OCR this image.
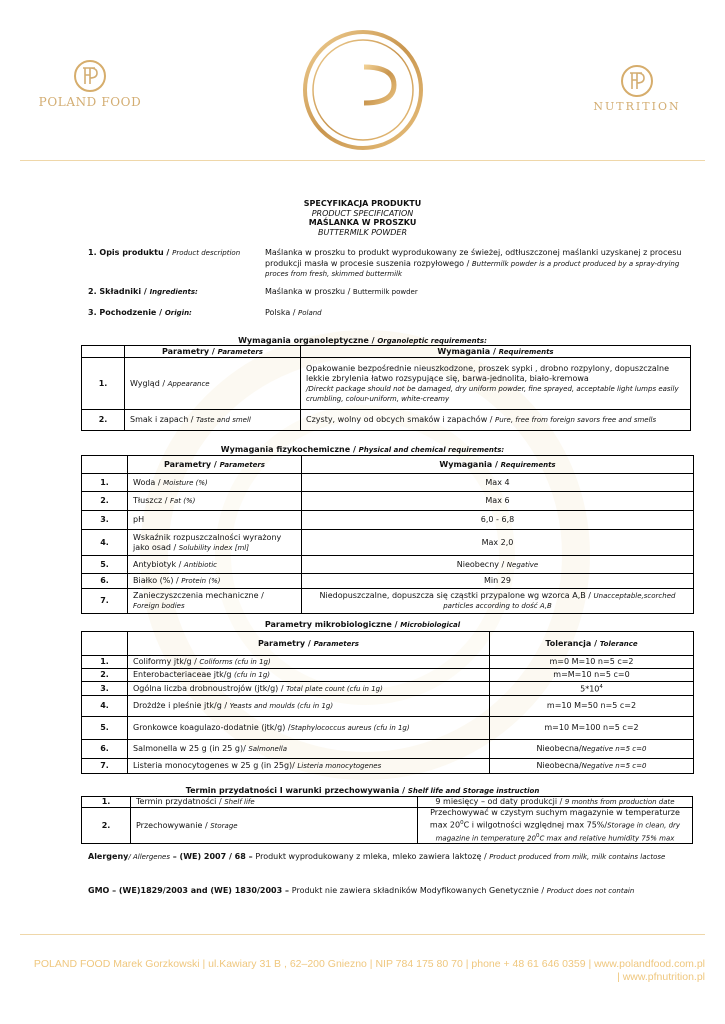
POLAND FOOD	NUTRITION
SPECYFIKACJA PRODUKTU
PRODUCT SPECIFICATION
MAŚLANKA W PROSZKU
BUTTERMILK POWDER
1. Opis produktu / Product description	Maślanka w proszku to produkt wyprodukowany ze świeżej, odtłuszczonej maślanki uzyskanej z procesu produkcji masła w procesie suszenia rozpyłowego / Buttermilk powder is a product produced by a spray-drying proces from fresh, skimmed buttermilk
2. Składniki / Ingredients:	Maślanka w proszku / Buttermilk powder
3. Pochodzenie / Origin:	Polska / Poland
Wymagania organoleptyczne / Organoleptic requirements:
	Parametry / Parameters	Wymagania / Requirements
1.	Wygląd / Appearance	Opakowanie bezpośrednie nieuszkodzone, proszek sypki , drobno rozpylony, dopuszczalne lekkie zbrylenia łatwo rozsypujące się, barwa-jednolita, biało-kremowa
/Direckt package should not be damaged, dry uniform powder, fine sprayed, acceptable light lumps easily crumbling, colour-uniform, white-creamy
2.	Smak i zapach / Taste and smell	Czysty, wolny od obcych smaków i zapachów / Pure, free from foreign savors free and smells
Wymagania fizykochemiczne / Physical and chemical requirements:
	Parametry / Parameters	Wymagania / Requirements
1.	Woda / Moisture (%)	Max 4
2.	Tłuszcz / Fat (%)	Max 6
3.	pH	6,0 - 6,8
4.	Wskaźnik rozpuszczalności wyrażony jako osad / Solubility index [ml]	Max 2,0
5.	Antybiotyk / Antibiotic	Nieobecny / Negative
6.	Białko (%) / Protein (%)	Min 29
7.	Zanieczyszczenia mechaniczne /
Foreign bodies	Niedopuszczalne, dopuszcza się cząstki przypalone wg wzorca A,B / Unacceptable,scorched particles according to dość A,B
Parametry mikrobiologiczne / Microbiological
	Parametry / Parameters	Tolerancja / Tolerance
1.	Coliformy jtk/g / Coliforms (cfu in 1g)	m=0 M=10 n=5 c=2
2.	Enterobacteriaceae jtk/g (cfu in 1g)	m=M=10 n=5 c=0
3.	Ogólna liczba drobnoustrojów (jtk/g) / Total plate count (cfu in 1g)	$5*10^4$
4.	Drożdże i pleśnie jtk/g / Yeasts and moulds (cfu in 1g)	m=10 M=50 n=5 c=2
5.	Gronkowce koagulazo-dodatnie (jtk/g) /Staphylococcus aureus (cfu in 1g)	m=10 M=100 n=5 c=2
6.	Salmonella w 25 g (in 25 g)/ Salmonella	Nieobecna/Negative n=5 c=0
7.	Listeria monocytogenes w 25 g (in 25g)/ Listeria monocytogenes	Nieobecna/Negative n=5 c=0
Termin przydatności I warunki przechowywania / Shelf life and Storage instruction
1.	Termin przydatności / Shelf life	9 miesięcy – od daty produkcji / 9 months from production date
2.	Przechowywanie / Storage	Przechowywać w czystym suchym magazynie w temperaturze $\max 20^0C$ i wilgotności względnej max 75%/Storage in clean, dry magazine in temperaturę $20^0C$ max and relative humidity 75% max
Alergeny/ Allergenes – (WE) 2007 / 68 – Produkt wyprodukowany z mleka, mleko zawiera laktozę / Product produced from milk, milk contains lactose
GMO – (WE)1829/2003 and (WE) 1830/2003 – Produkt nie zawiera składników Modyfikowanych Genetycznie / Product does not contain
POLAND FOOD Marek Gorzkowski | ul.Kawiary 31 B , 62–200 Gniezno | NIP 784 175 80 70 | phone + 48 61 646 0359 | www.polandfood.com.pl
| www.pfnutrition.pl
